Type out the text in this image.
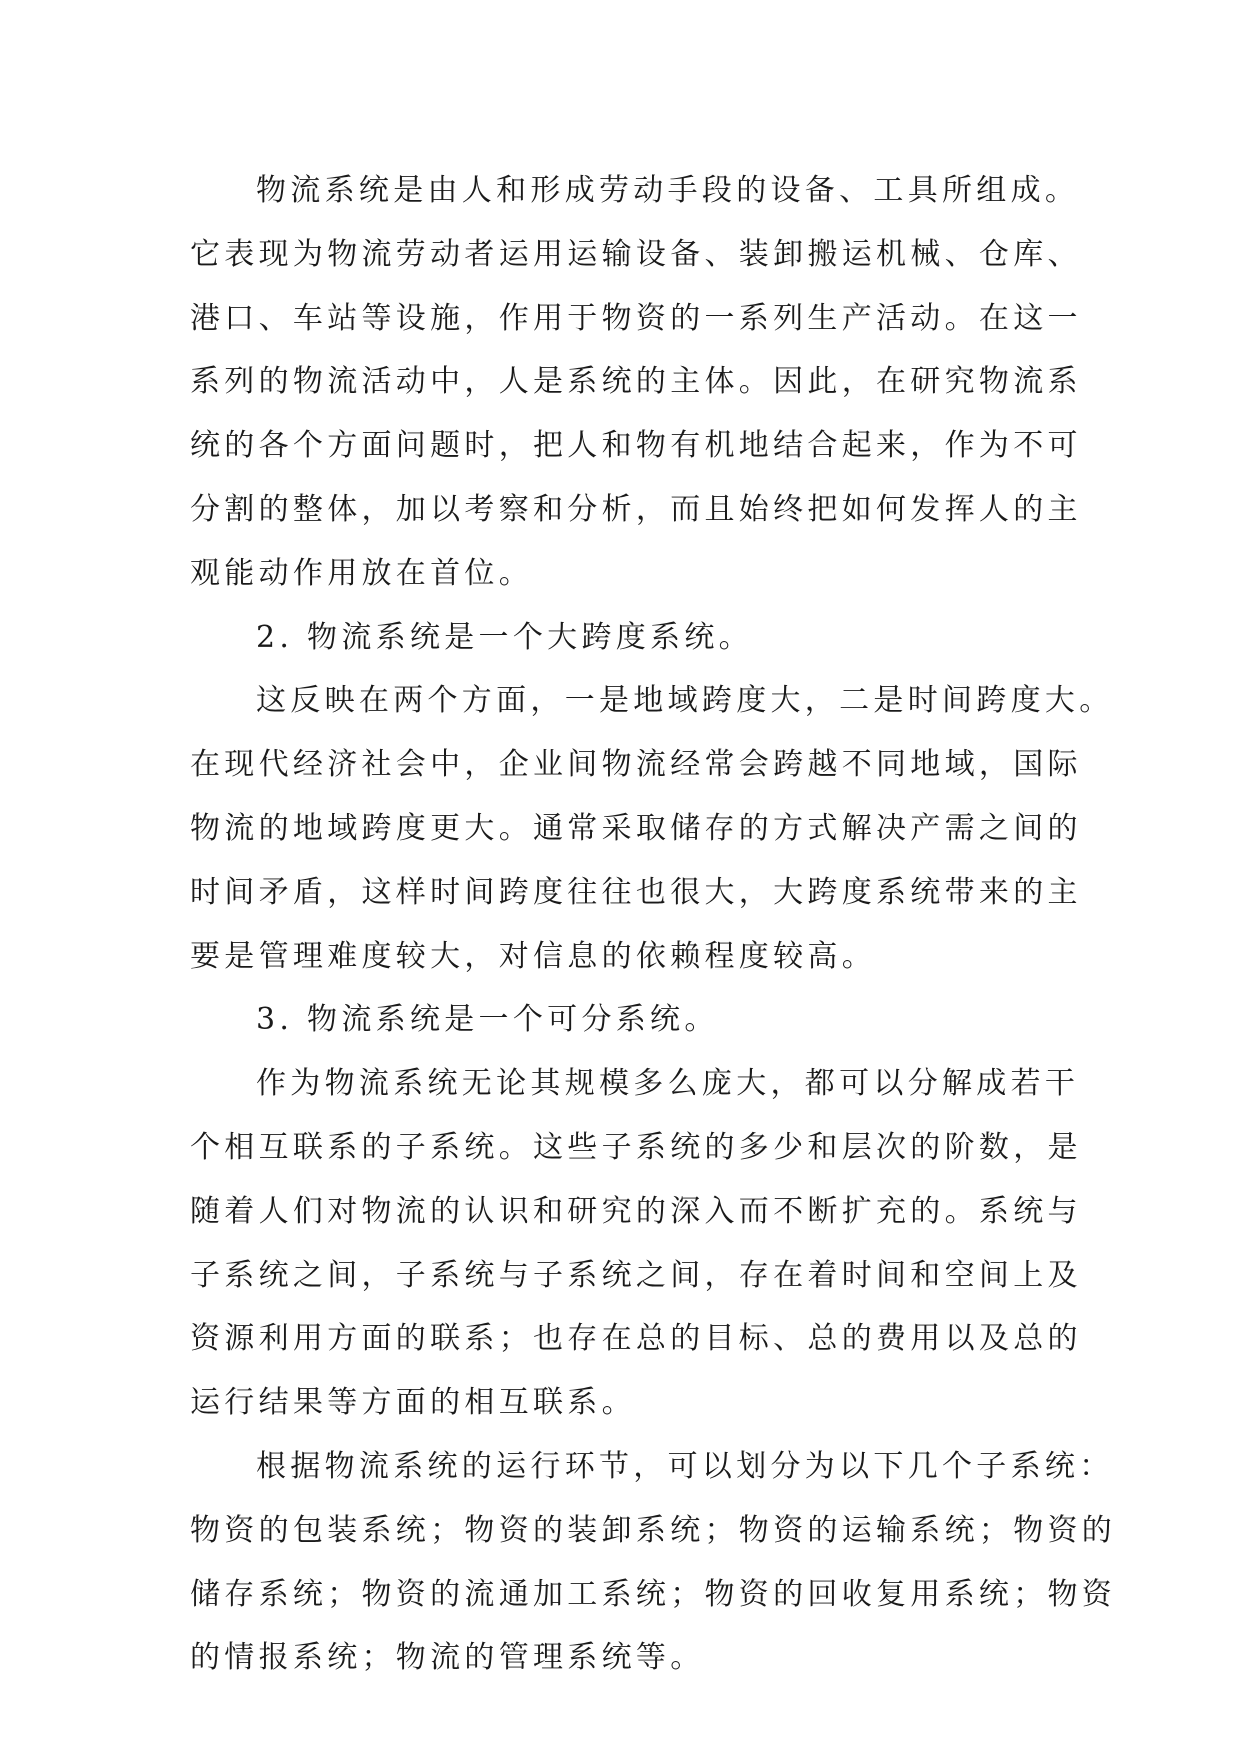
物流系统是由人和形成劳动手段的设备、工具所组成。
它表现为物流劳动者运用运输设备、装卸搬运机械、仓库、
港口、车站等设施，作用于物资的一系列生产活动。在这一
系列的物流活动中，人是系统的主体。因此，在研究物流系
统的各个方面问题时，把人和物有机地结合起来，作为不可
分割的整体，加以考察和分析，而且始终把如何发挥人的主
观能动作用放在首位。
2. 物流系统是一个大跨度系统。
这反映在两个方面，一是地域跨度大，二是时间跨度大。
在现代经济社会中，企业间物流经常会跨越不同地域，国际
物流的地域跨度更大。通常采取储存的方式解决产需之间的
时间矛盾，这样时间跨度往往也很大，大跨度系统带来的主
要是管理难度较大，对信息的依赖程度较高。
3. 物流系统是一个可分系统。
作为物流系统无论其规模多么庞大，都可以分解成若干
个相互联系的子系统。这些子系统的多少和层次的阶数，是
随着人们对物流的认识和研究的深入而不断扩充的。系统与
子系统之间，子系统与子系统之间，存在着时间和空间上及
资源利用方面的联系；也存在总的目标、总的费用以及总的
运行结果等方面的相互联系。
根据物流系统的运行环节，可以划分为以下几个子系统：
物资的包装系统；物资的装卸系统；物资的运输系统；物资的
储存系统；物资的流通加工系统；物资的回收复用系统；物资
的情报系统；物流的管理系统等。
